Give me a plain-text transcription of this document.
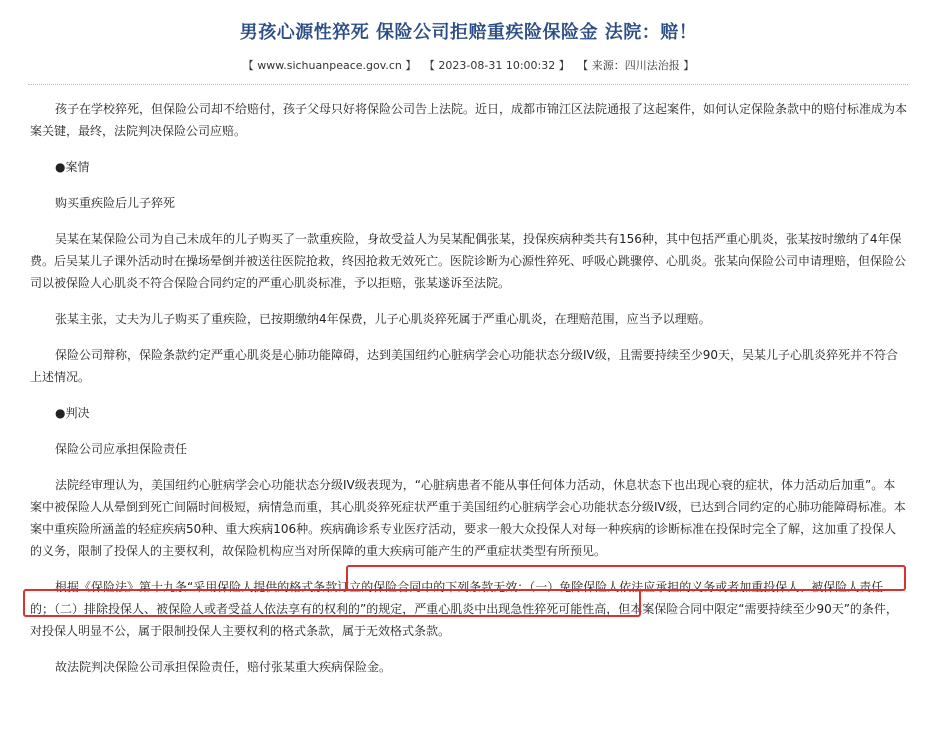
男孩心源性猝死 保险公司拒赔重疾险保险金 法院：赔！
【 www.sichuanpeace.gov.cn 】 【 2023-08-31 10:00:32 】 【 来源：四川法治报 】

孩子在学校猝死，但保险公司却不给赔付，孩子父母只好将保险公司告上法院。近日，成都市锦江区法院通报了这起案件，如何认定保险条款中的赔付标准成为本案关键，最终，法院判决保险公司应赔。

●案情

购买重疾险后儿子猝死

吴某在某保险公司为自己未成年的儿子购买了一款重疾险，身故受益人为吴某配偶张某，投保疾病种类共有156种，其中包括严重心肌炎，张某按时缴纳了4年保费。后吴某儿子课外活动时在操场晕倒并被送往医院抢救，终因抢救无效死亡。医院诊断为心源性猝死、呼吸心跳骤停、心肌炎。张某向保险公司申请理赔，但保险公司以被保险人心肌炎不符合保险合同约定的严重心肌炎标准，予以拒赔，张某遂诉至法院。

张某主张，丈夫为儿子购买了重疾险，已按期缴纳4年保费，儿子心肌炎猝死属于严重心肌炎，在理赔范围，应当予以理赔。

保险公司辩称，保险条款约定严重心肌炎是心肺功能障碍，达到美国纽约心脏病学会心功能状态分级IV级，且需要持续至少90天，吴某儿子心肌炎猝死并不符合上述情况。

●判决

保险公司应承担保险责任

法院经审理认为，美国纽约心脏病学会心功能状态分级IV级表现为，“心脏病患者不能从事任何体力活动，休息状态下也出现心衰的症状，体力活动后加重”。本案中被保险人从晕倒到死亡间隔时间极短，病情急而重，其心肌炎猝死症状严重于美国纽约心脏病学会心功能状态分级IV级，已达到合同约定的心肺功能障碍标准。本案中重疾险所涵盖的轻症疾病50种、重大疾病106种。疾病确诊系专业医疗活动，要求一般大众投保人对每一种疾病的诊断标准在投保时完全了解，这加重了投保人的义务，限制了投保人的主要权利，故保险机构应当对所保障的重大疾病可能产生的严重症状类型有所预见。

根据《保险法》第十九条“采用保险人提供的格式条款订立的保险合同中的下列条款无效：（一）免除保险人依法应承担的义务或者加重投保人、被保险人责任的；（二）排除投保人、被保险人或者受益人依法享有的权利的”的规定，严重心肌炎中出现急性猝死可能性高，但本案保险合同中限定“需要持续至少90天”的条件，对投保人明显不公，属于限制投保人主要权利的格式条款，属于无效格式条款。

故法院判决保险公司承担保险责任，赔付张某重大疾病保险金。
